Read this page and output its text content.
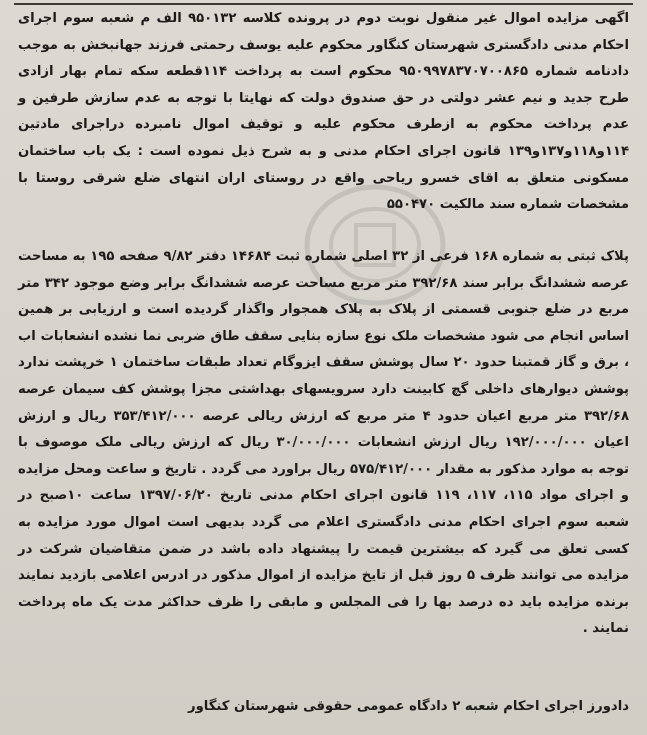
اگهی مزایده اموال غیر منقول نوبت دوم در پرونده کلاسه ۹۵۰۱۳۲ الف م شعبه سوم اجرای احکام مدنی دادگستری شهرستان کنگاور محکوم علیه یوسف رحمتی فرزند جهانبخش به موجب دادنامه شماره ۹۵۰۹۹۷۸۳۷۰۷۰۰۸۶۵ محکوم است به پرداخت ۱۱۴قطعه سکه تمام بهار ازادی طرح جدید و نیم عشر دولتی در حق صندوق دولت که نهایتا با توجه به عدم سازش طرفین و عدم پرداخت محکوم به ازطرف محکوم علیه و توقیف اموال نامبرده دراجرای مادتین ۱۱۴و۱۱۸و۱۳۷و۱۳۹ قانون اجرای احکام مدنی و به شرح ذیل نموده است : یک باب ساختمان مسکونی متعلق به اقای خسرو ریاحی واقع در روستای اران انتهای ضلع شرقی روستا با مشخصات شماره سند مالکیت ۵۵۰۴۷۰
پلاک ثبتی به شماره ۱۶۸ فرعی از ۳۲ اصلی شماره ثبت ۱۴۶۸۴ دفتر ۹/۸۲ صفحه ۱۹۵ به مساحت عرصه ششدانگ برابر سند ۳۹۲/۶۸ متر مربع مساحت عرصه ششدانگ برابر وضع موجود ۳۴۲ متر مربع در ضلع جنوبی قسمتی از پلاک به پلاک همجوار واگذار گردیده است و ارزیابی بر همین اساس انجام می شود مشخصات ملک نوع سازه بنایی سقف طاق ضربی نما نشده انشعابات اب ، برق و گاز قمتبنا حدود ۲۰ سال پوشش سقف ایزوگام تعداد طبقات ساختمان ۱ خرپشت ندارد پوشش دیوارهای داخلی گچ کابینت دارد سرویسهای بهداشتی مجزا پوشش کف سیمان عرصه ۳۹۲/۶۸ متر مربع اعیان حدود ۴ متر مربع که ارزش ریالی عرصه ۳۵۳/۴۱۲/۰۰۰ ریال و ارزش اعیان ۱۹۲/۰۰۰/۰۰۰ ریال ارزش انشعابات ۳۰/۰۰۰/۰۰۰ ریال که ارزش ریالی ملک موصوف با توجه به موارد مذکور به مقدار ۵۷۵/۴۱۲/۰۰۰ ریال براورد می گردد . تاریخ و ساعت ومحل مزایده و اجرای مواد ۱۱۵، ۱۱۷، ۱۱۹ قانون اجرای احکام مدنی تاریخ ۱۳۹۷/۰۶/۲۰ ساعت ۱۰صبح در شعبه سوم اجرای احکام مدنی دادگستری اعلام می گردد بدیهی است اموال مورد مزایده به کسی تعلق می گیرد که بیشترین قیمت را پیشنهاد داده باشد در ضمن متقاضیان شرکت در مزایده می توانند ظرف ۵ روز قبل از تایخ مزایده از اموال مذکور در ادرس اعلامی بازدید نمایند برنده مزایده باید ده درصد بها را فی المجلس و مابقی را ظرف حداکثر مدت یک ماه پرداخت نمایند .
دادورز اجرای احکام شعبه ۲ دادگاه عمومی حقوقی شهرستان کنگاور
